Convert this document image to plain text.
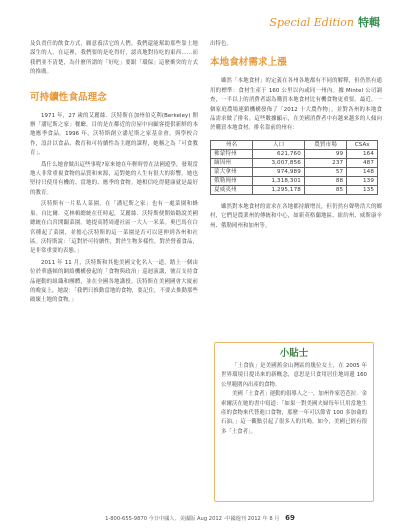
Special Edition 特輯

及負責任的飲食方式，願意養活它的人們。我們還能幫助那些靠土地謀生的人。在這裡，我們要的是吃得好，認真地對待吃的東西……而我們並不清楚，為什麼所謂的「好吃」要跟「環保」這麼衝突的方式的推廣。

可持續性食品理念

1971 年，27 歲的艾麗絲．沃特斯在加州伯克利(Berkeley) 開辦「潘尼斯之家」餐廳，目的是在鄰近的房屋中向顧客提供新鮮的本地應季食品。1996 年，沃特斯創立潘尼斯之家基金會，與學校合作，設計以食品、教育和可持續性為主題的課程，她稱之為「可食教育」。

爲什么她會做出這些事呢?原來她在年輕時曾在法國遊學，發現當地人非常重視食物的品質和來源，這對她的人生有很大的影響。她也堅持只使用有機的、當地的、應季的食物。她相信吃得健康就是最好的教育。

沃特斯有一片私人菜園，在「潘尼斯之家」也有一處菜園和蜂巢。自比爾．克林頓總統在任時起，艾麗絲．沃特斯便開始勸說美國總統在白宮開闢菜園。她提高將周邊社區一大人一米菜。奧巴馬在白宮種起了菜園，並擔心沃特斯的這一菜園是否可以延伸到各州和社區。沃特斯說：「這對於可持續性，對於生物多樣性，對於營養食品，是非常重要的表態。」

2011 年 11 月，沃特斯和其他美國文化名人一道，踏上一個由位於華盛頓的網絡機構發起的「食物與政治」巡迴演講，號召支持食品運動的組織和團體，並在全國各地講授。沃特斯在美國國會大廈前的晚宴上，她說：「我們只推動當地的食物，要記住，不要去推動那些破壞土地的食物。」

出特色。

本地食材需求上漲

雖然「本地食材」的定義在各州各地都有不同的解釋，但仍然有通用的標準：食材生產于 160 公里以內或同一州內。據 Mintel 公司調查，一半以上的消費者認為購買本地食材比有機食物更重要。最近，一個家庭農場連鎖機構發佈了「2012 十大農作物」，並對各州的本地食品需求做了排名。這些數據顯示，在美國消費者中有越來越多的人傾向於購買本地食材。排名靠前的州有：

州名	人口	農貿市場	CSAs
佛蒙特州	621,760	99	164
緬因州	3,007,856	237	487
蒙大拿州	974,989	57	148
俄勒岡州	1,318,301	88	139
夏威夷州	1,295,178	85	135

雖然對本地食材的需求在各地都持續增長，但仍然有聲勢浩大的鄉村，它們是農業州的傳統和中心，如新英格蘭地區、紐約州、威斯康辛州、俄勒岡州和加州等。

小貼士

「土食族」是美國舊金山灣區的幾位女士，在 2005 年世界環境日提出來的新概念，意思是只食用居住地周邊 160 公里範圍內出產的食物。

美國「土食者」運動的倡導人之一，加州作家芭芭拉．金索爾沃在她的書中寫道：「如果一對美國夫婦每年只用當地生產的食物來代替進口食物，那麼一年可以節省 100 多加侖的石油。」這一觀點引起了很多人的共鳴。如今，美國已經有很多「土食者」。

1-800-655-9870 今日中國人．美國版 Aug 2012 ·中國週刊 2012 年 8 月 69
